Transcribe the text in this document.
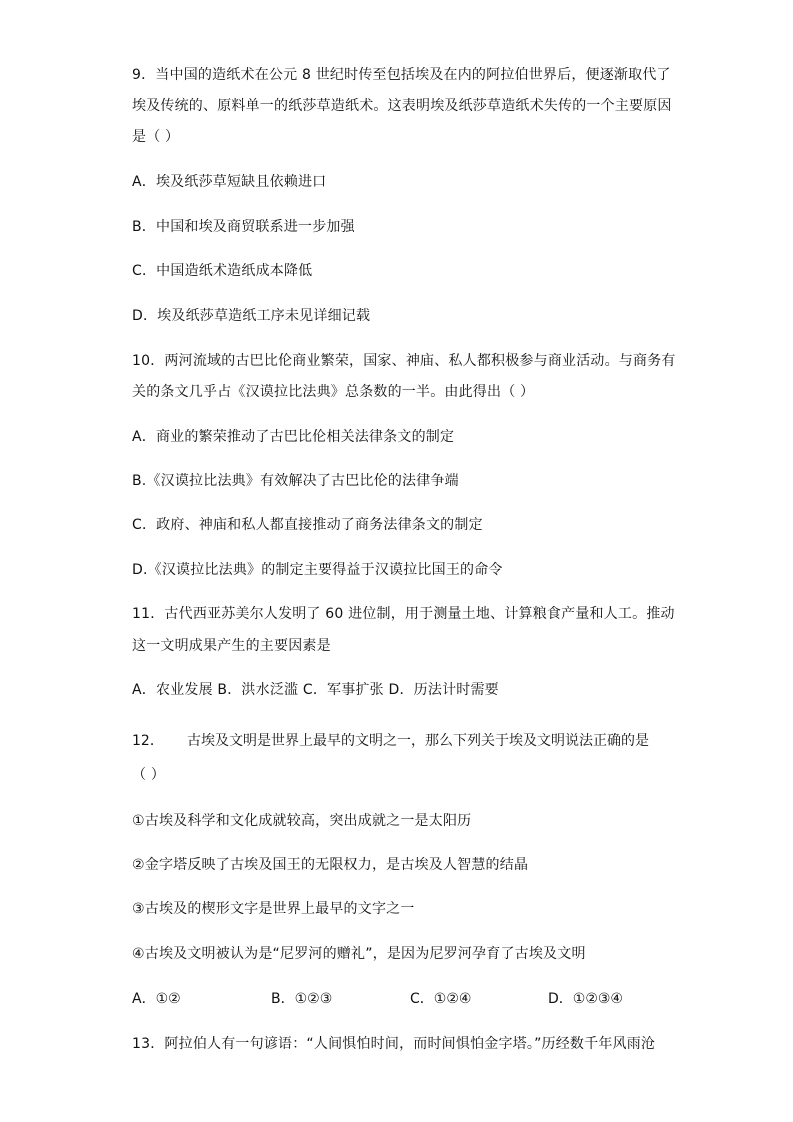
9．当中国的造纸术在公元 8 世纪时传至包括埃及在内的阿拉伯世界后，便逐渐取代了
埃及传统的、原料单一的纸莎草造纸术。这表明埃及纸莎草造纸术失传的一个主要原因
是（ ）
A．埃及纸莎草短缺且依赖进口
B．中国和埃及商贸联系进一步加强
C．中国造纸术造纸成本降低
D．埃及纸莎草造纸工序未见详细记载
10．两河流域的古巴比伦商业繁荣，国家、神庙、私人都积极参与商业活动。与商务有
关的条文几乎占《汉谟拉比法典》总条数的一半。由此得出（ ）
A．商业的繁荣推动了古巴比伦相关法律条文的制定
B.《汉谟拉比法典》有效解决了古巴比伦的法律争端
C．政府、神庙和私人都直接推动了商务法律条文的制定
D.《汉谟拉比法典》的制定主要得益于汉谟拉比国王的命令
11．古代西亚苏美尔人发明了 60 进位制，用于测量土地、计算粮食产量和人工。推动
这一文明成果产生的主要因素是
A．农业发展 B．洪水泛滥 C．军事扩张 D．历法计时需要
12． 古埃及文明是世界上最早的文明之一，那么下列关于埃及文明说法正确的是
（ ）
①古埃及科学和文化成就较高，突出成就之一是太阳历
②金字塔反映了古埃及国王的无限权力，是古埃及人智慧的结晶
③古埃及的楔形文字是世界上最早的文字之一
④古埃及文明被认为是“尼罗河的赠礼”，是因为尼罗河孕育了古埃及文明
A．①②	B．①②③	C．①②④	D．①②③④
13．阿拉伯人有一句谚语：“人间惧怕时间，而时间惧怕金字塔。”历经数千年风雨沧
